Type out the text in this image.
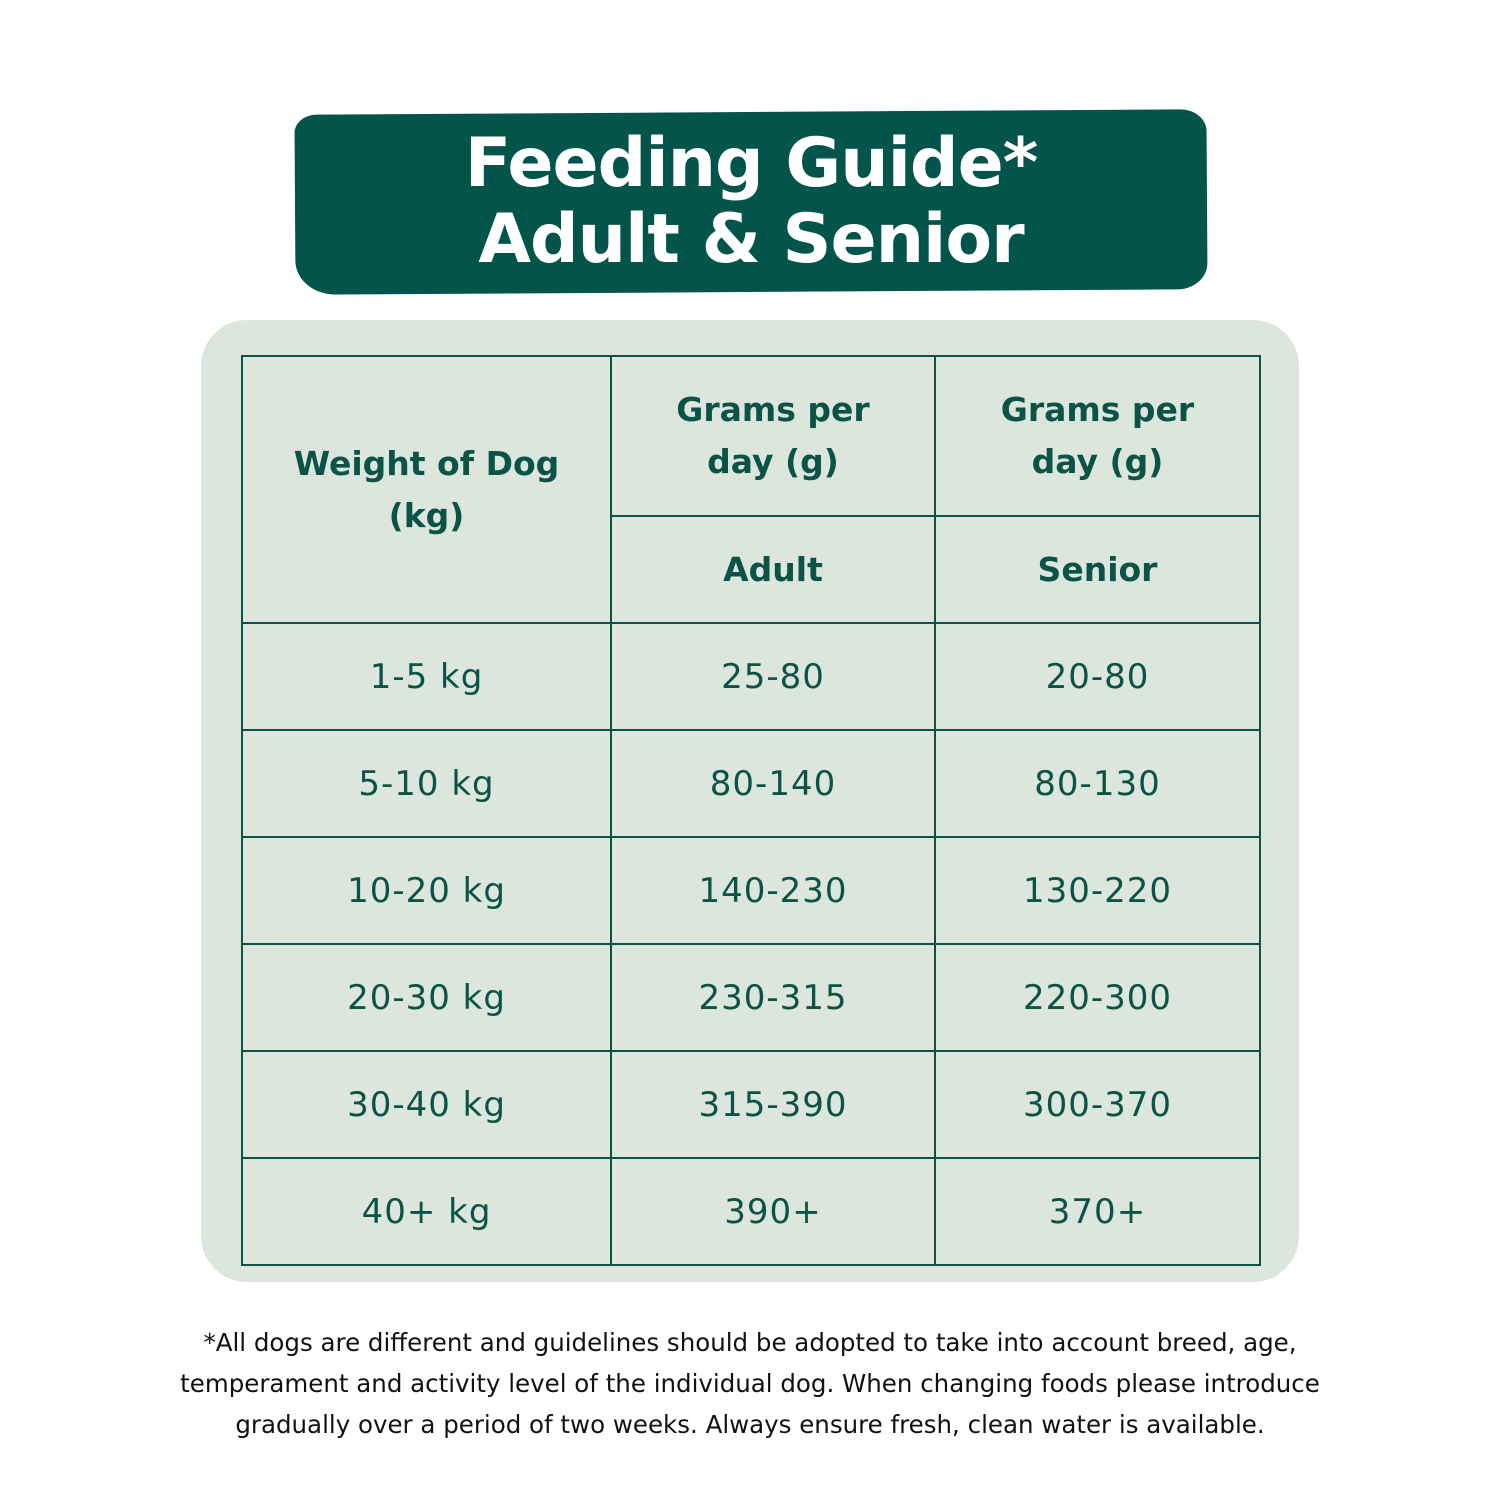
Feeding Guide*
Adult & Senior
Weight of Dog (kg)	Grams per day (g)	Grams per day (g)
	Adult	Senior
1-5 kg	25-80	20-80
5-10 kg	80-140	80-130
10-20 kg	140-230	130-220
20-30 kg	230-315	220-300
30-40 kg	315-390	300-370
40+ kg	390+	370+
*All dogs are different and guidelines should be adopted to take into account breed, age,
temperament and activity level of the individual dog. When changing foods please introduce
gradually over a period of two weeks. Always ensure fresh, clean water is available.
